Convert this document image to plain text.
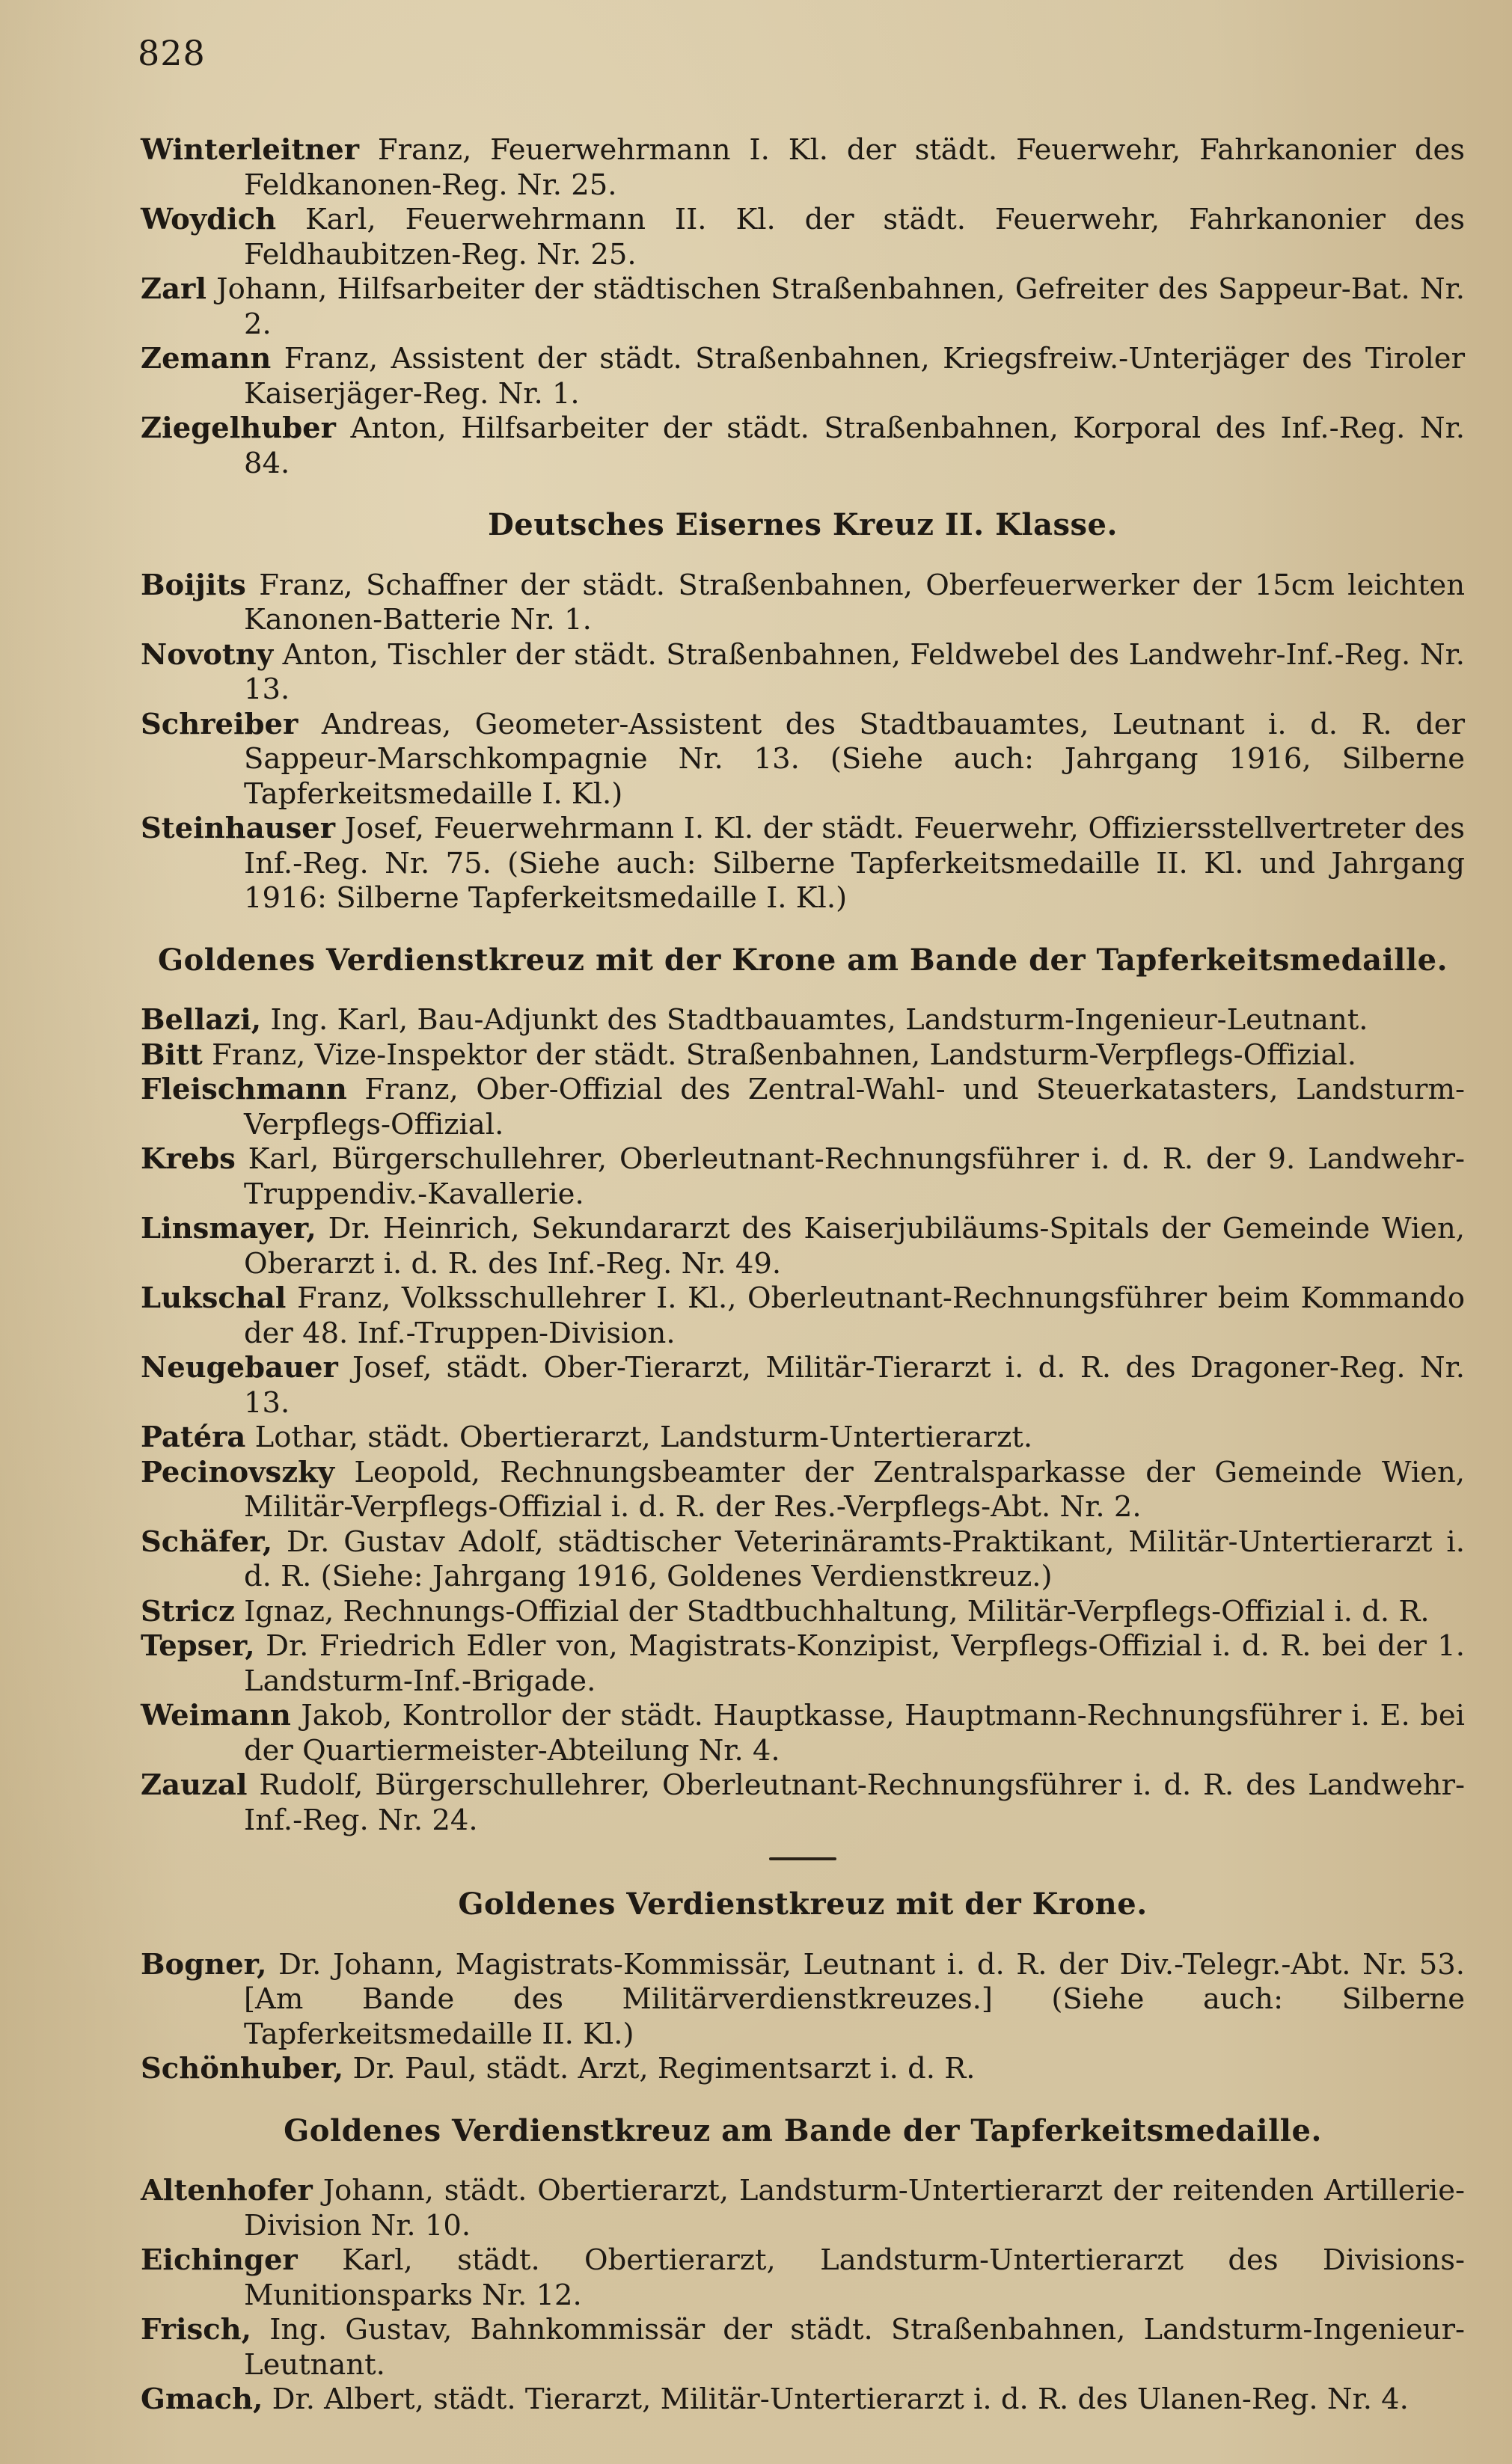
828

Winterleitner Franz, Feuerwehrmann I. Kl. der städt. Feuerwehr, Fahrkanonier des Feldkanonen-Reg. Nr. 25.

Woydich Karl, Feuerwehrmann II. Kl. der städt. Feuerwehr, Fahrkanonier des Feldhaubitzen-Reg. Nr. 25.

Zarl Johann, Hilfsarbeiter der städtischen Straßenbahnen, Gefreiter des Sappeur-Bat. Nr. 2.

Zemann Franz, Assistent der städt. Straßenbahnen, Kriegsfreiw.-Unterjäger des Tiroler Kaiserjäger-Reg. Nr. 1.

Ziegelhuber Anton, Hilfsarbeiter der städt. Straßenbahnen, Korporal des Inf.-Reg. Nr. 84.

Deutsches Eisernes Kreuz II. Klasse.

Boijits Franz, Schaffner der städt. Straßenbahnen, Oberfeuerwerker der 15cm leichten Kanonen-Batterie Nr. 1.

Novotny Anton, Tischler der städt. Straßenbahnen, Feldwebel des Landwehr-Inf.-Reg. Nr. 13.

Schreiber Andreas, Geometer-Assistent des Stadtbauamtes, Leutnant i. d. R. der Sappeur-Marschkompagnie Nr. 13. (Siehe auch: Jahrgang 1916, Silberne Tapferkeitsmedaille I. Kl.)

Steinhauser Josef, Feuerwehrmann I. Kl. der städt. Feuerwehr, Offiziersstellvertreter des Inf.-Reg. Nr. 75. (Siehe auch: Silberne Tapferkeitsmedaille II. Kl. und Jahrgang 1916: Silberne Tapferkeitsmedaille I. Kl.)

Goldenes Verdienstkreuz mit der Krone am Bande der Tapferkeitsmedaille.

Bellazi, Ing. Karl, Bau-Adjunkt des Stadtbauamtes, Landsturm-Ingenieur-Leutnant.

Bitt Franz, Vize-Inspektor der städt. Straßenbahnen, Landsturm-Verpflegs-Offizial.

Fleischmann Franz, Ober-Offizial des Zentral-Wahl- und Steuerkatasters, Landsturm-Verpflegs-Offizial.

Krebs Karl, Bürgerschullehrer, Oberleutnant-Rechnungsführer i. d. R. der 9. Landwehr-Truppendiv.-Kavallerie.

Linsmayer, Dr. Heinrich, Sekundararzt des Kaiserjubiläums-Spitals der Gemeinde Wien, Oberarzt i. d. R. des Inf.-Reg. Nr. 49.

Lukschal Franz, Volksschullehrer I. Kl., Oberleutnant-Rechnungsführer beim Kommando der 48. Inf.-Truppen-Division.

Neugebauer Josef, städt. Ober-Tierarzt, Militär-Tierarzt i. d. R. des Dragoner-Reg. Nr. 13.

Patéra Lothar, städt. Obertierarzt, Landsturm-Untertierarzt.

Pecinovszky Leopold, Rechnungsbeamter der Zentralsparkasse der Gemeinde Wien, Militär-Verpflegs-Offizial i. d. R. der Res.-Verpflegs-Abt. Nr. 2.

Schäfer, Dr. Gustav Adolf, städtischer Veterinäramts-Praktikant, Militär-Untertierarzt i. d. R. (Siehe: Jahrgang 1916, Goldenes Verdienstkreuz.)

Stricz Ignaz, Rechnungs-Offizial der Stadtbuchhaltung, Militär-Verpflegs-Offizial i. d. R.

Tepser, Dr. Friedrich Edler von, Magistrats-Konzipist, Verpflegs-Offizial i. d. R. bei der 1. Landsturm-Inf.-Brigade.

Weimann Jakob, Kontrollor der städt. Hauptkasse, Hauptmann-Rechnungsführer i. E. bei der Quartiermeister-Abteilung Nr. 4.

Zauzal Rudolf, Bürgerschullehrer, Oberleutnant-Rechnungsführer i. d. R. des Landwehr-Inf.-Reg. Nr. 24.

Goldenes Verdienstkreuz mit der Krone.

Bogner, Dr. Johann, Magistrats-Kommissär, Leutnant i. d. R. der Div.-Telegr.-Abt. Nr. 53. [Am Bande des Militärverdienstkreuzes.] (Siehe auch: Silberne Tapferkeitsmedaille II. Kl.)

Schönhuber, Dr. Paul, städt. Arzt, Regimentsarzt i. d. R.

Goldenes Verdienstkreuz am Bande der Tapferkeitsmedaille.

Altenhofer Johann, städt. Obertierarzt, Landsturm-Untertierarzt der reitenden Artillerie-Division Nr. 10.

Eichinger Karl, städt. Obertierarzt, Landsturm-Untertierarzt des Divisions-Munitionsparks Nr. 12.

Frisch, Ing. Gustav, Bahnkommissär der städt. Straßenbahnen, Landsturm-Ingenieur-Leutnant.

Gmach, Dr. Albert, städt. Tierarzt, Militär-Untertierarzt i. d. R. des Ulanen-Reg. Nr. 4.
